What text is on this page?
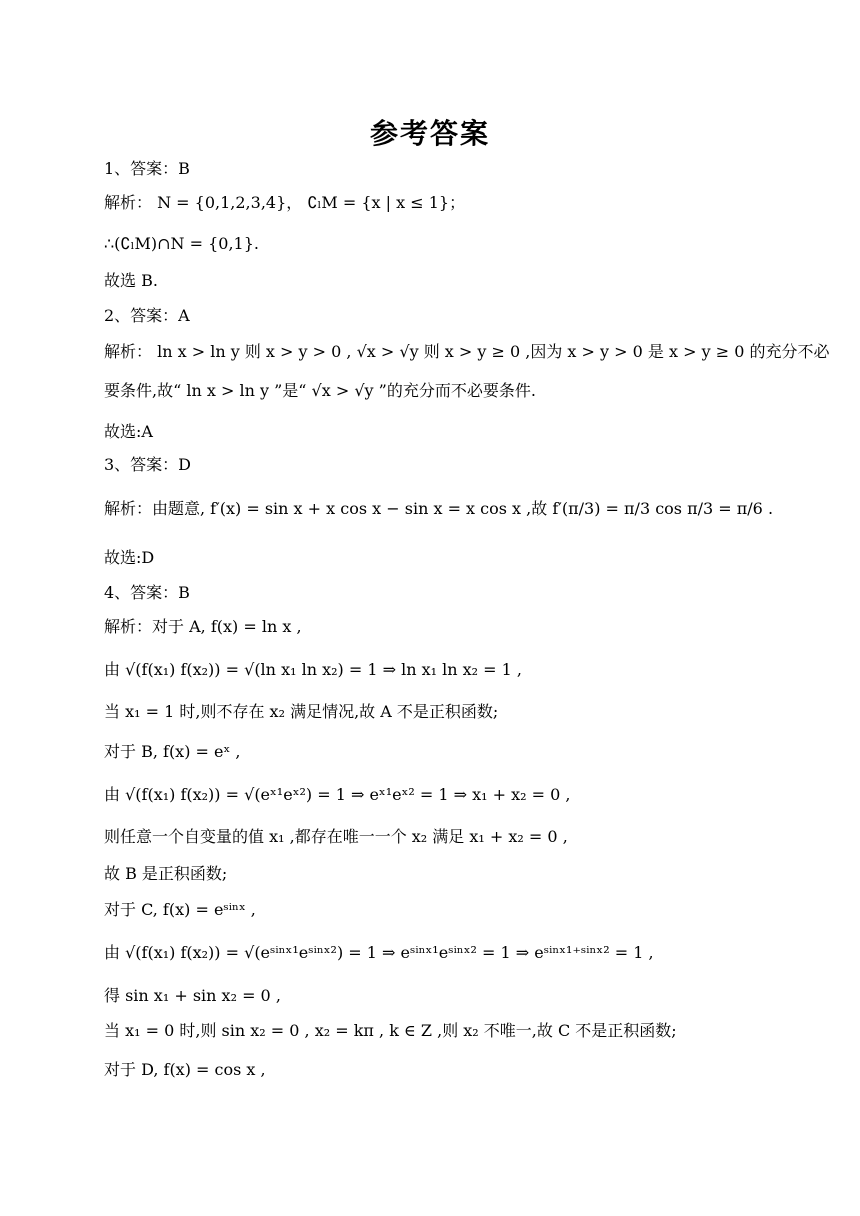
参考答案
1、答案：B
解析： N = {0,1,2,3,4}， ∁ₗM = {x | x ≤ 1}；
∴(∁ₗM)∩N = {0,1}.
故选 B.
2、答案：A
解析： ln x > ln y 则 x > y > 0 , √x > √y 则 x > y ≥ 0 ,因为 x > y > 0 是 x > y ≥ 0 的充分不必
要条件,故“ ln x > ln y ”是“ √x > √y ”的充分而不必要条件.
故选:A
3、答案：D
解析：由题意, f′(x) = sin x + x cos x − sin x = x cos x ,故 f′(π/3) = π/3 cos π/3 = π/6 .
故选:D
4、答案：B
解析：对于 A, f(x) = ln x ,
由 √(f(x₁) f(x₂)) = √(ln x₁ ln x₂) = 1 ⇒ ln x₁ ln x₂ = 1 ,
当 x₁ = 1 时,则不存在 x₂ 满足情况,故 A 不是正积函数;
对于 B, f(x) = eˣ ,
由 √(f(x₁) f(x₂)) = √(eˣ¹eˣ²) = 1 ⇒ eˣ¹eˣ² = 1 ⇒ x₁ + x₂ = 0 ,
则任意一个自变量的值 x₁ ,都存在唯一一个 x₂ 满足 x₁ + x₂ = 0 ,
故 B 是正积函数;
对于 C, f(x) = eˢⁱⁿˣ ,
由 √(f(x₁) f(x₂)) = √(eˢⁱⁿˣ¹eˢⁱⁿˣ²) = 1 ⇒ eˢⁱⁿˣ¹eˢⁱⁿˣ² = 1 ⇒ eˢⁱⁿˣ¹⁺ˢⁱⁿˣ² = 1 ,
得 sin x₁ + sin x₂ = 0 ,
当 x₁ = 0 时,则 sin x₂ = 0 , x₂ = kπ , k ∈ Z ,则 x₂ 不唯一,故 C 不是正积函数;
对于 D, f(x) = cos x ,
